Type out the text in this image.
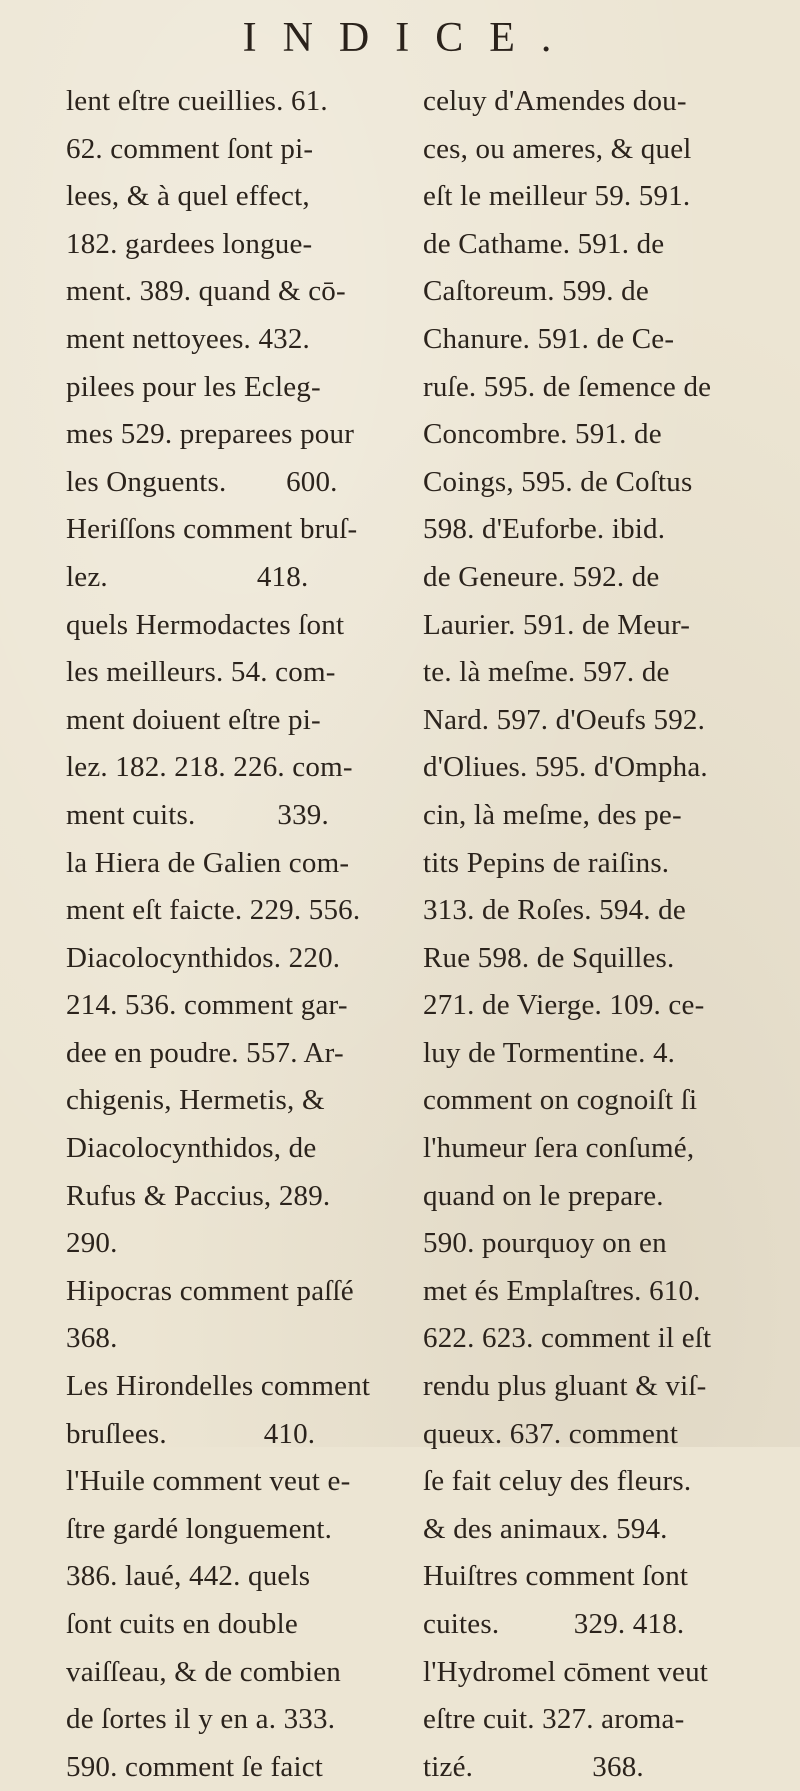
INDICE.
lent eſtre cueillies. 61.
62. comment ſont pi-
lees, & à quel effect,
182. gardees longue-
ment. 389. quand & cō-
ment nettoyees. 432.
pilees pour les Ecleg-
mes 529. preparees pour
les Onguents.        600.
Heriſſons comment bruſ-
lez.                    418.
quels Hermodactes ſont
les meilleurs. 54. com-
ment doiuent eſtre pi-
lez. 182. 218. 226. com-
ment cuits.           339.
la Hiera de Galien com-
ment eſt faicte. 229. 556.
Diacolocynthidos. 220.
214. 536. comment gar-
dee en poudre. 557. Ar-
chigenis, Hermetis, &
Diacolocynthidos, de
Rufus & Paccius, 289.
290.
Hipocras comment paſſé
368.
Les Hirondelles comment
bruſlees.             410.
l'Huile comment veut e-
ſtre gardé longuement.
386. laué, 442. quels
ſont cuits en double
vaiſſeau, & de combien
de ſortes il y en a. 333.
590. comment ſe faict
celuy d'Amendes dou-
ces, ou ameres, & quel
eſt le meilleur 59. 591.
de Cathame. 591. de
Caſtoreum. 599. de
Chanure. 591. de Ce-
ruſe. 595. de ſemence de
Concombre. 591. de
Coings, 595. de Coſtus
598. d'Euforbe. ibid.
de Geneure. 592. de
Laurier. 591. de Meur-
te. là meſme. 597. de
Nard. 597. d'Oeufs 592.
d'Oliues. 595. d'Ompha.
cin, là meſme, des pe-
tits Pepins de raiſins.
313. de Roſes. 594. de
Rue 598. de Squilles.
271. de Vierge. 109. ce-
luy de Tormentine. 4.
comment on cognoiſt ſi
l'humeur ſera conſumé,
quand on le prepare.
590. pourquoy on en
met és Emplaſtres. 610.
622. 623. comment il eſt
rendu plus gluant & viſ-
queux. 637. comment
ſe fait celuy des fleurs.
& des animaux. 594.
Huiſtres comment ſont
cuites.          329. 418.
l'Hydromel cōment veut
eſtre cuit. 327. aroma-
tizé.                368.
